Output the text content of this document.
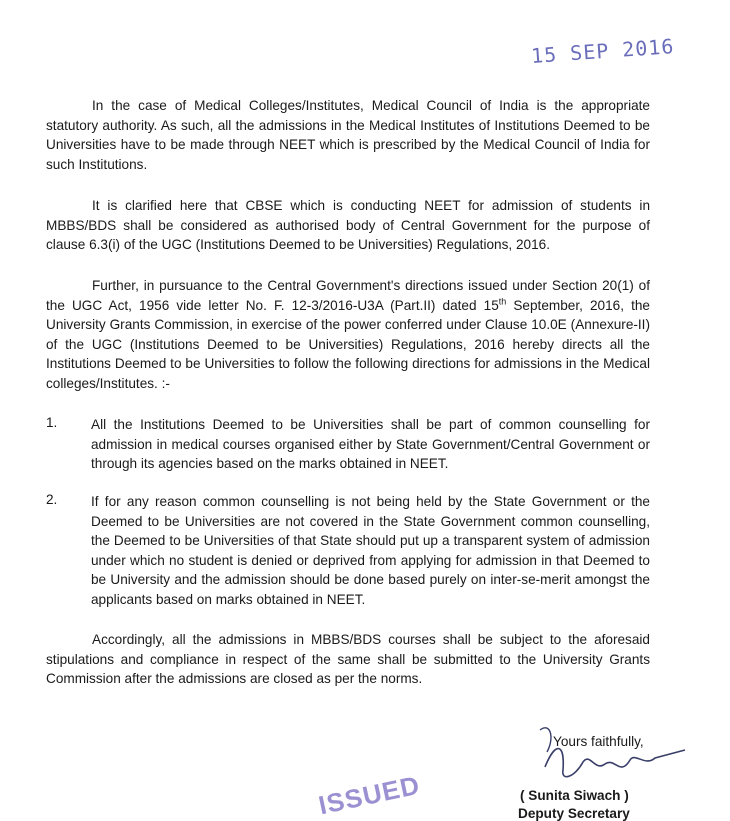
15 SEP 2016

In the case of Medical Colleges/Institutes, Medical Council of India is the appropriate statutory authority. As such, all the admissions in the Medical Institutes of Institutions Deemed to be Universities have to be made through NEET which is prescribed by the Medical Council of India for such Institutions.

It is clarified here that CBSE which is conducting NEET for admission of students in MBBS/BDS shall be considered as authorised body of Central Government for the purpose of clause 6.3(i) of the UGC (Institutions Deemed to be Universities) Regulations, 2016.

Further, in pursuance to the Central Government's directions issued under Section 20(1) of the UGC Act, 1956 vide letter No. F. 12-3/2016-U3A (Part.II) dated 15th September, 2016, the University Grants Commission, in exercise of the power conferred under Clause 10.0E (Annexure-II) of the UGC (Institutions Deemed to be Universities) Regulations, 2016 hereby directs all the Institutions Deemed to be Universities to follow the following directions for admissions in the Medical colleges/Institutes. :-

1. All the Institutions Deemed to be Universities shall be part of common counselling for admission in medical courses organised either by State Government/Central Government or through its agencies based on the marks obtained in NEET.

2. If for any reason common counselling is not being held by the State Government or the Deemed to be Universities are not covered in the State Government common counselling, the Deemed to be Universities of that State should put up a transparent system of admission under which no student is denied or deprived from applying for admission in that Deemed to be University and the admission should be done based purely on inter-se-merit amongst the applicants based on marks obtained in NEET.

Accordingly, all the admissions in MBBS/BDS courses shall be subject to the aforesaid stipulations and compliance in respect of the same shall be submitted to the University Grants Commission after the admissions are closed as per the norms.

Yours faithfully,
( Sunita Siwach )
Deputy Secretary
ISSUED
